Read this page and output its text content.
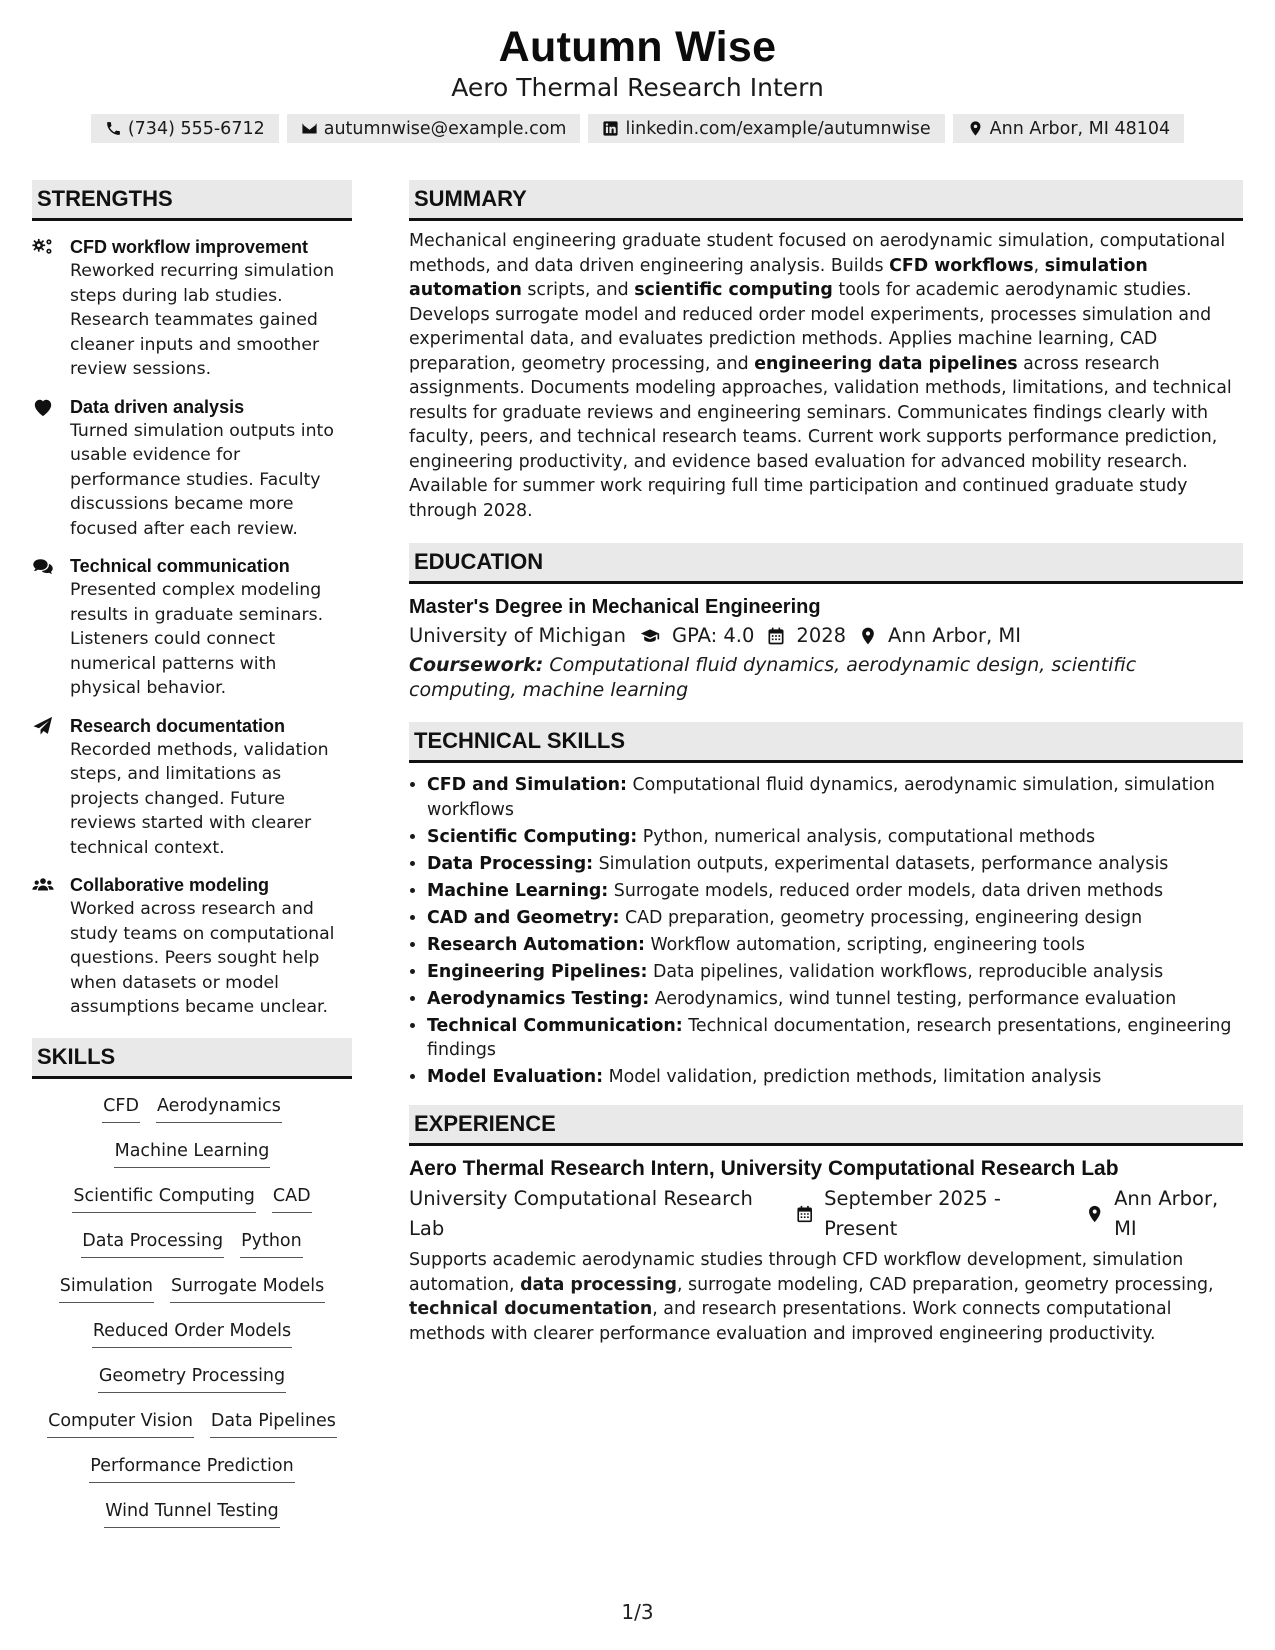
Autumn Wise
Aero Thermal Research Intern
(734) 555-6712	autumnwise@example.com	linkedin.com/example/autumnwise	Ann Arbor, MI 48104
STRENGTHS
CFD workflow improvement
Reworked recurring simulation steps during lab studies. Research teammates gained cleaner inputs and smoother review sessions.
Data driven analysis
Turned simulation outputs into usable evidence for performance studies. Faculty discussions became more focused after each review.
Technical communication
Presented complex modeling results in graduate seminars. Listeners could connect numerical patterns with physical behavior.
Research documentation
Recorded methods, validation steps, and limitations as projects changed. Future reviews started with clearer technical context.
Collaborative modeling
Worked across research and study teams on computational questions. Peers sought help when datasets or model assumptions became unclear.
SKILLS
CFD Aerodynamics
Machine Learning
Scientific Computing CAD
Data Processing Python
Simulation Surrogate Models
Reduced Order Models
Geometry Processing
Computer Vision Data Pipelines
Performance Prediction
Wind Tunnel Testing
SUMMARY
Mechanical engineering graduate student focused on aerodynamic simulation, computational methods, and data driven engineering analysis. Builds CFD workflows, simulation automation scripts, and scientific computing tools for academic aerodynamic studies. Develops surrogate model and reduced order model experiments, processes simulation and experimental data, and evaluates prediction methods. Applies machine learning, CAD preparation, geometry processing, and engineering data pipelines across research assignments. Documents modeling approaches, validation methods, limitations, and technical results for graduate reviews and engineering seminars. Communicates findings clearly with faculty, peers, and technical research teams. Current work supports performance prediction, engineering productivity, and evidence based evaluation for advanced mobility research. Available for summer work requiring full time participation and continued graduate study through 2028.
EDUCATION
Master's Degree in Mechanical Engineering
University of Michigan GPA: 4.0 2028 Ann Arbor, MI
Coursework: Computational fluid dynamics, aerodynamic design, scientific computing, machine learning
TECHNICAL SKILLS
• CFD and Simulation: Computational fluid dynamics, aerodynamic simulation, simulation workflows
• Scientific Computing: Python, numerical analysis, computational methods
• Data Processing: Simulation outputs, experimental datasets, performance analysis
• Machine Learning: Surrogate models, reduced order models, data driven methods
• CAD and Geometry: CAD preparation, geometry processing, engineering design
• Research Automation: Workflow automation, scripting, engineering tools
• Engineering Pipelines: Data pipelines, validation workflows, reproducible analysis
• Aerodynamics Testing: Aerodynamics, wind tunnel testing, performance evaluation
• Technical Communication: Technical documentation, research presentations, engineering findings
• Model Evaluation: Model validation, prediction methods, limitation analysis
EXPERIENCE
Aero Thermal Research Intern, University Computational Research Lab
University Computational Research Lab
September 2025 - Present
Ann Arbor, MI
Supports academic aerodynamic studies through CFD workflow development, simulation automation, data processing, surrogate modeling, CAD preparation, geometry processing, technical documentation, and research presentations. Work connects computational methods with clearer performance evaluation and improved engineering productivity.
1/3
